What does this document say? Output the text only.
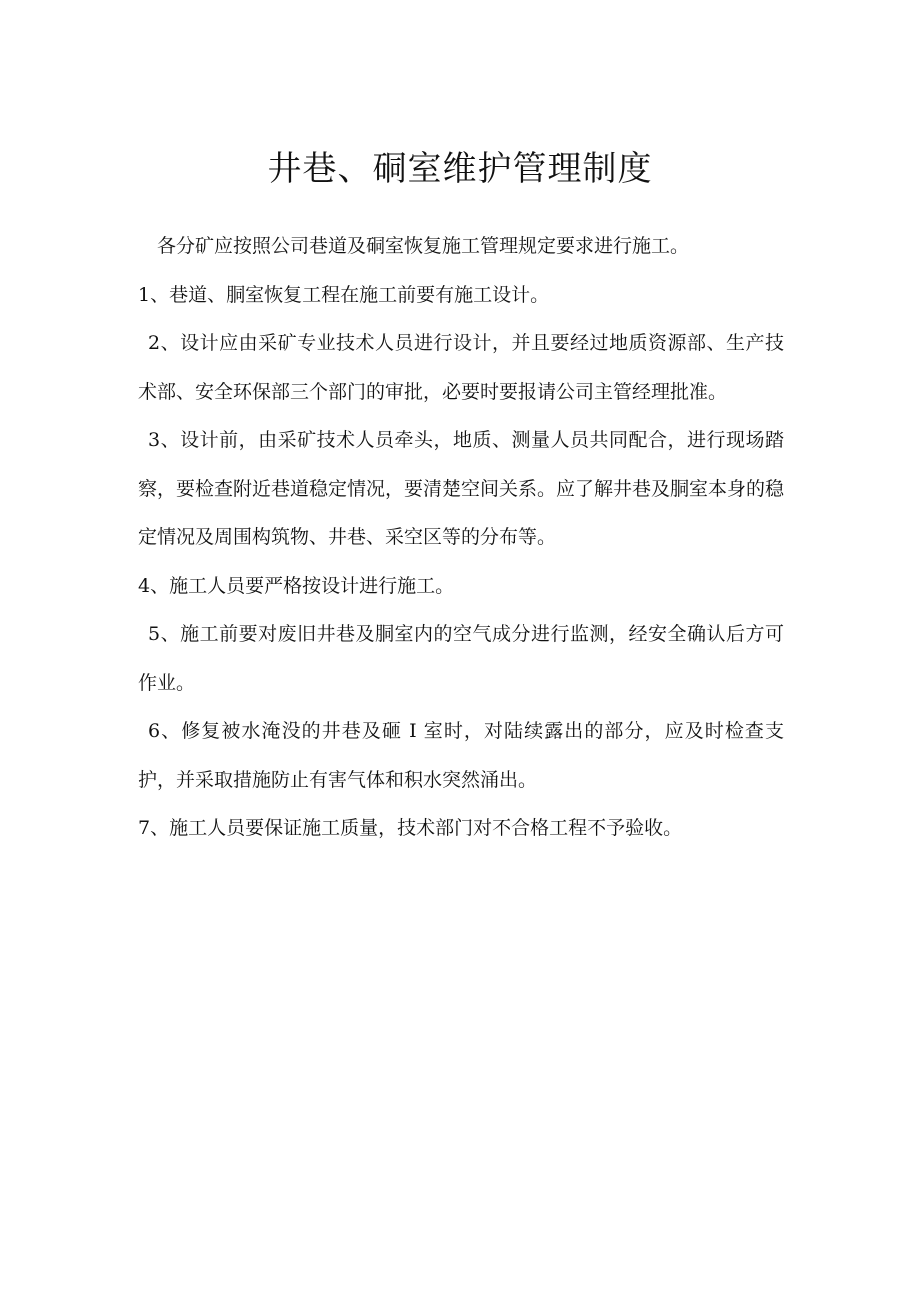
井巷、硐室维护管理制度

各分矿应按照公司巷道及硐室恢复施工管理规定要求进行施工。

1、巷道、胴室恢复工程在施工前要有施工设计。

2、设计应由采矿专业技术人员进行设计，并且要经过地质资源部、生产技术部、安全环保部三个部门的审批，必要时要报请公司主管经理批准。

3、设计前，由采矿技术人员牵头，地质、测量人员共同配合，进行现场踏察，要检查附近巷道稳定情况，要清楚空间关系。应了解井巷及胴室本身的稳定情况及周围构筑物、井巷、采空区等的分布等。

4、施工人员要严格按设计进行施工。

5、施工前要对废旧井巷及胴室内的空气成分进行监测，经安全确认后方可作业。

6、修复被水淹没的井巷及砸 I 室时，对陆续露出的部分，应及时检查支护，并采取措施防止有害气体和积水突然涌出。

7、施工人员要保证施工质量，技术部门对不合格工程不予验收。
